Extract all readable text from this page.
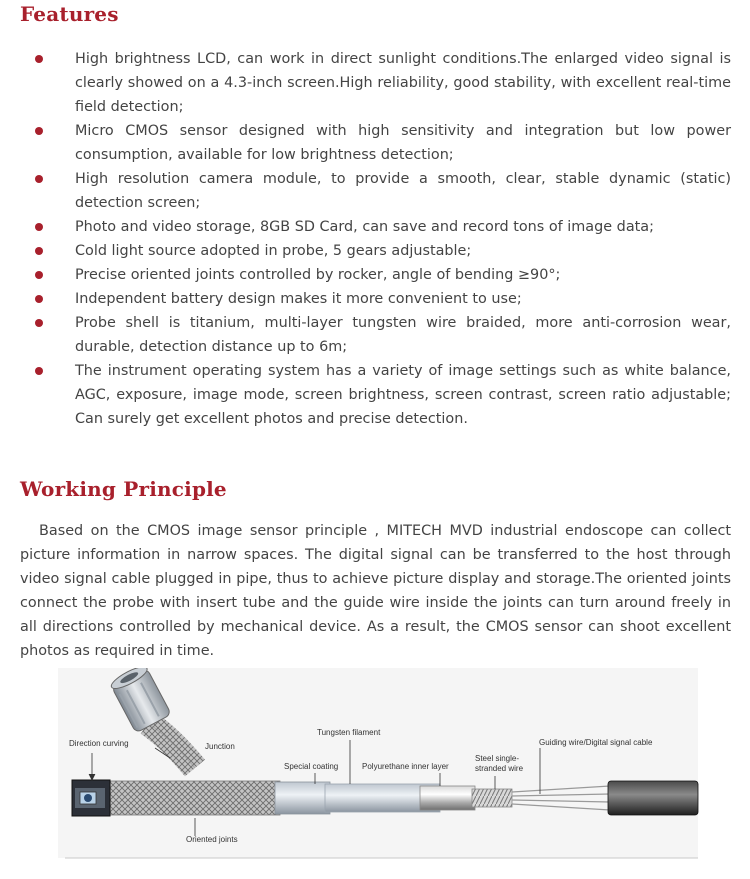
Features
High brightness LCD, can work in direct sunlight conditions.The enlarged video signal is clearly showed on a 4.3-inch screen.High reliability, good stability, with excellent real-time field detection;
Micro CMOS sensor designed with high sensitivity and integration but low power consumption, available for low brightness detection;
High resolution camera module, to provide a smooth, clear, stable dynamic (static) detection screen;
Photo and video storage, 8GB SD Card, can save and record tons of image data;
Cold light source adopted in probe, 5 gears adjustable;
Precise oriented joints controlled by rocker, angle of bending ≥90°;
Independent battery design makes it more convenient to use;
Probe shell is titanium, multi-layer tungsten wire braided, more anti-corrosion wear, durable, detection distance up to 6m;
The instrument operating system has a variety of image settings such as white balance, AGC, exposure, image mode, screen brightness, screen contrast, screen ratio adjustable; Can surely get excellent photos and precise detection.
Working Principle

Based on the CMOS image sensor principle , MITECH MVD industrial endoscope can collect picture information in narrow spaces. The digital signal can be transferred to the host through video signal cable plugged in pipe, thus to achieve picture display and storage.The oriented joints connect the probe with insert tube and the guide wire inside the joints can turn around freely in all directions controlled by mechanical device. As a result, the CMOS sensor can shoot excellent photos as required in time.

Direction curving	Junction
Tungsten filament
Special coating	Polyurethane inner layer
Steel single-
stranded wire
Guiding wire/Digital signal cable
Oriented joints
